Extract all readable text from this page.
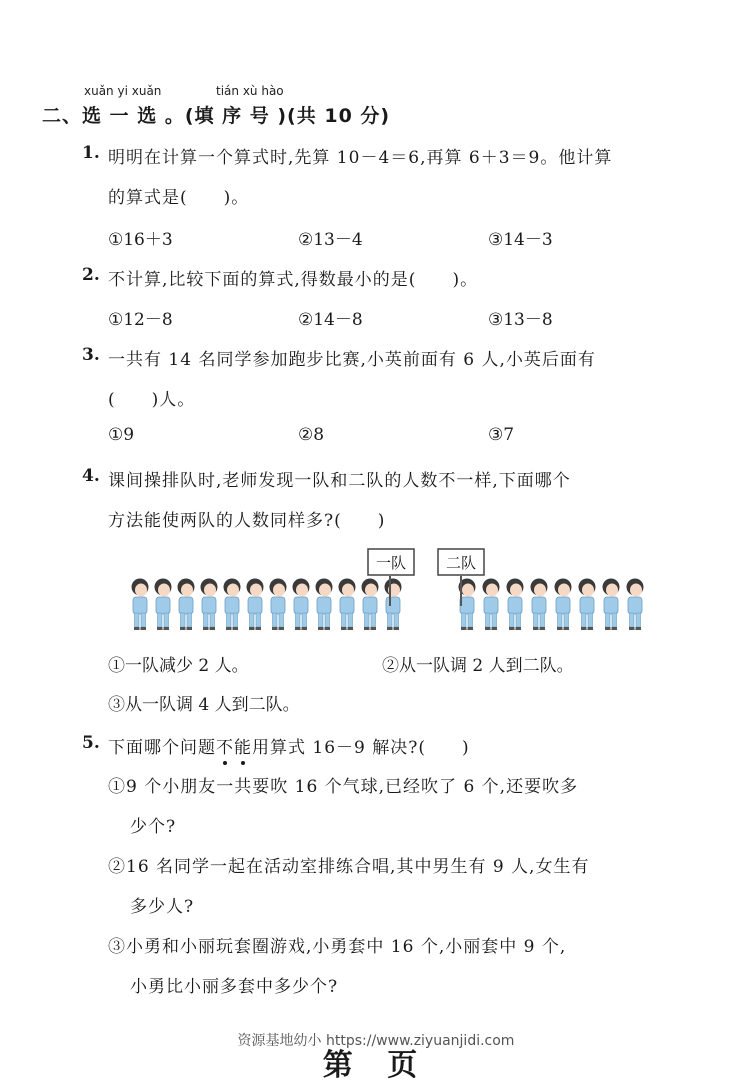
xuǎn yi xuǎn	tián xù hào
二、选 一 选 。(填 序 号 )(共 10 分)
1. 明明在计算一个算式时,先算 10－4＝6,再算 6＋3＝9。他计算
的算式是(　　)。
①16＋3	②13－4	③14－3
2. 不计算,比较下面的算式,得数最小的是(　　)。
①12－8	②14－8	③13－8
3. 一共有 14 名同学参加跑步比赛,小英前面有 6 人,小英后面有
(　　)人。
①9	②8	③7
4. 课间操排队时,老师发现一队和二队的人数不一样,下面哪个
方法能使两队的人数同样多?(　　)
一队	二队
①一队减少 2 人。	②从一队调 2 人到二队。
③从一队调 4 人到二队。
5. 下面哪个问题不能用算式 16－9 解决?(　　)
①9 个小朋友一共要吹 16 个气球,已经吹了 6 个,还要吹多
少个?
②16 名同学一起在活动室排练合唱,其中男生有 9 人,女生有
多少人?
③小勇和小丽玩套圈游戏,小勇套中 16 个,小丽套中 9 个,
小勇比小丽多套中多少个?
资源基地幼小 https://www.ziyuanjidi.com
第 页
